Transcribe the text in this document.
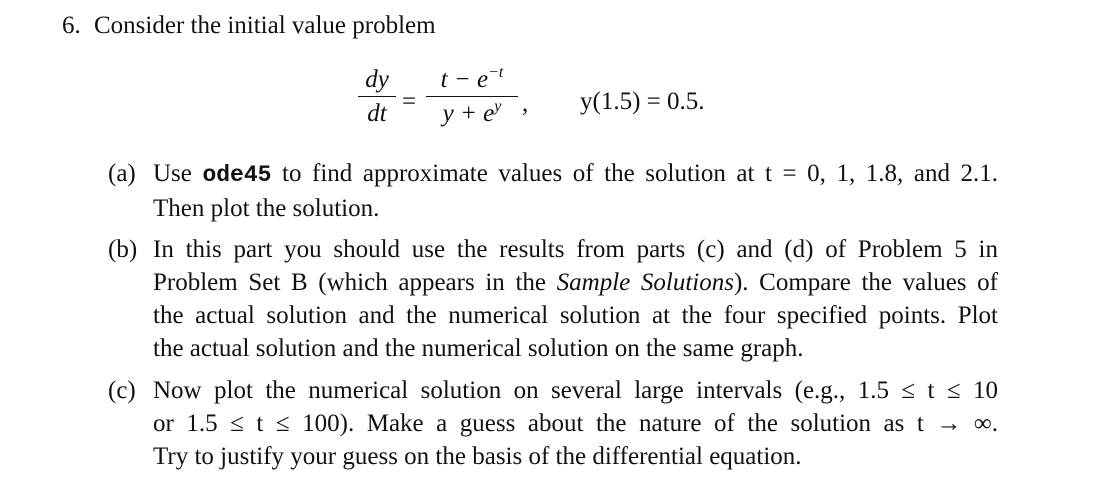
6. Consider the initial value problem
dy
dt =
$t - e^{-t}$
$y + e^y$ , y(1.5) = 0.5.
(a) Use ode45 to find approximate values of the solution at t = 0, 1, 1.8, and 2.1.
Then plot the solution.
(b) In this part you should use the results from parts (c) and (d) of Problem 5 in
Problem Set B (which appears in the Sample Solutions). Compare the values of
the actual solution and the numerical solution at the four specified points. Plot
the actual solution and the numerical solution on the same graph.
(c) Now plot the numerical solution on several large intervals (e.g., 1.5 ≤ t ≤ 10
or 1.5 ≤ t ≤ 100). Make a guess about the nature of the solution as t → ∞.
Try to justify your guess on the basis of the differential equation.
